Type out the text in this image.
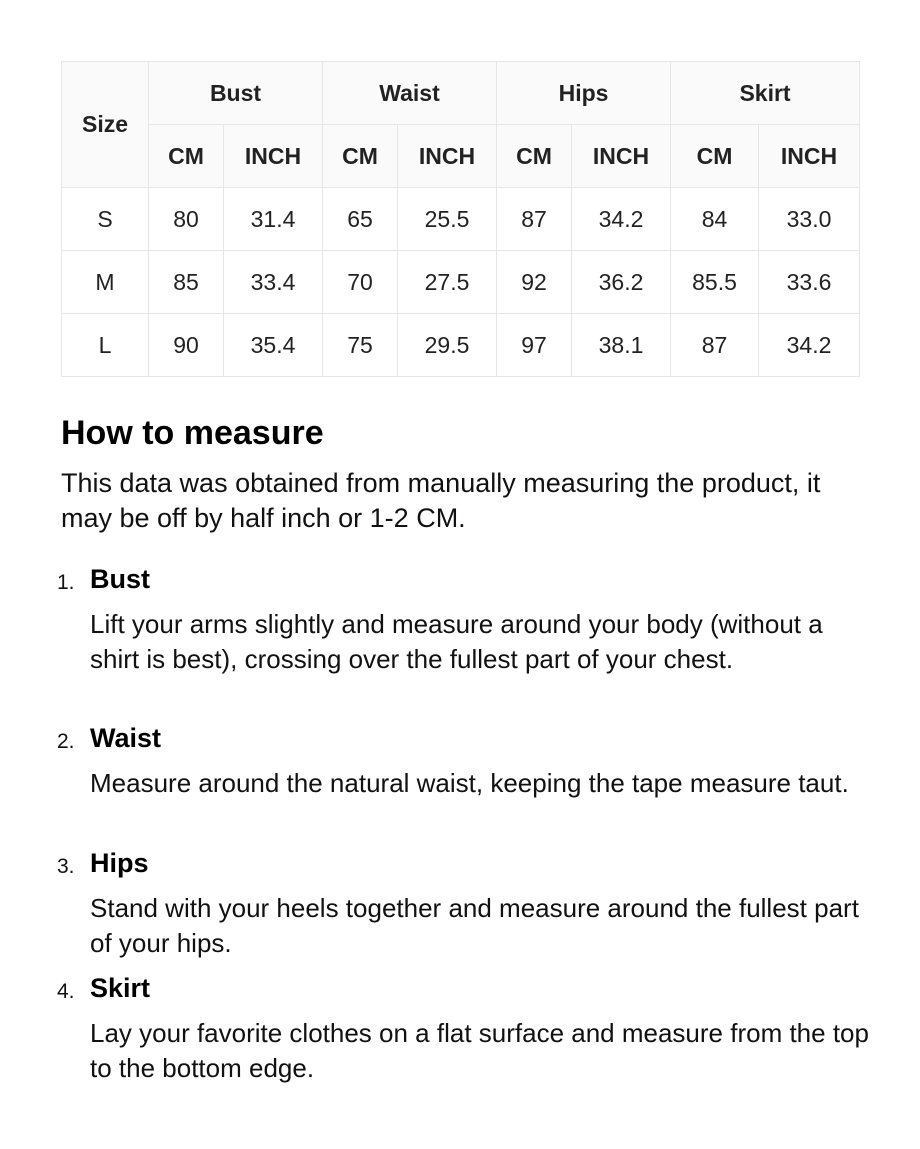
Size	Bust		Waist		Hips		Skirt	
	CM	INCH	CM	INCH	CM	INCH	CM	INCH
S	80	31.4	65	25.5	87	34.2	84	33.0
M	85	33.4	70	27.5	92	36.2	85.5	33.6
L	90	35.4	75	29.5	97	38.1	87	34.2
How to measure

This data was obtained from manually measuring the product, it may be off by half inch or 1-2 CM.

1. Bust

Lift your arms slightly and measure around your body (without a shirt is best), crossing over the fullest part of your chest.

2. Waist

Measure around the natural waist, keeping the tape measure taut.

3. Hips

Stand with your heels together and measure around the fullest part of your hips.

4. Skirt

Lay your favorite clothes on a flat surface and measure from the top to the bottom edge.
